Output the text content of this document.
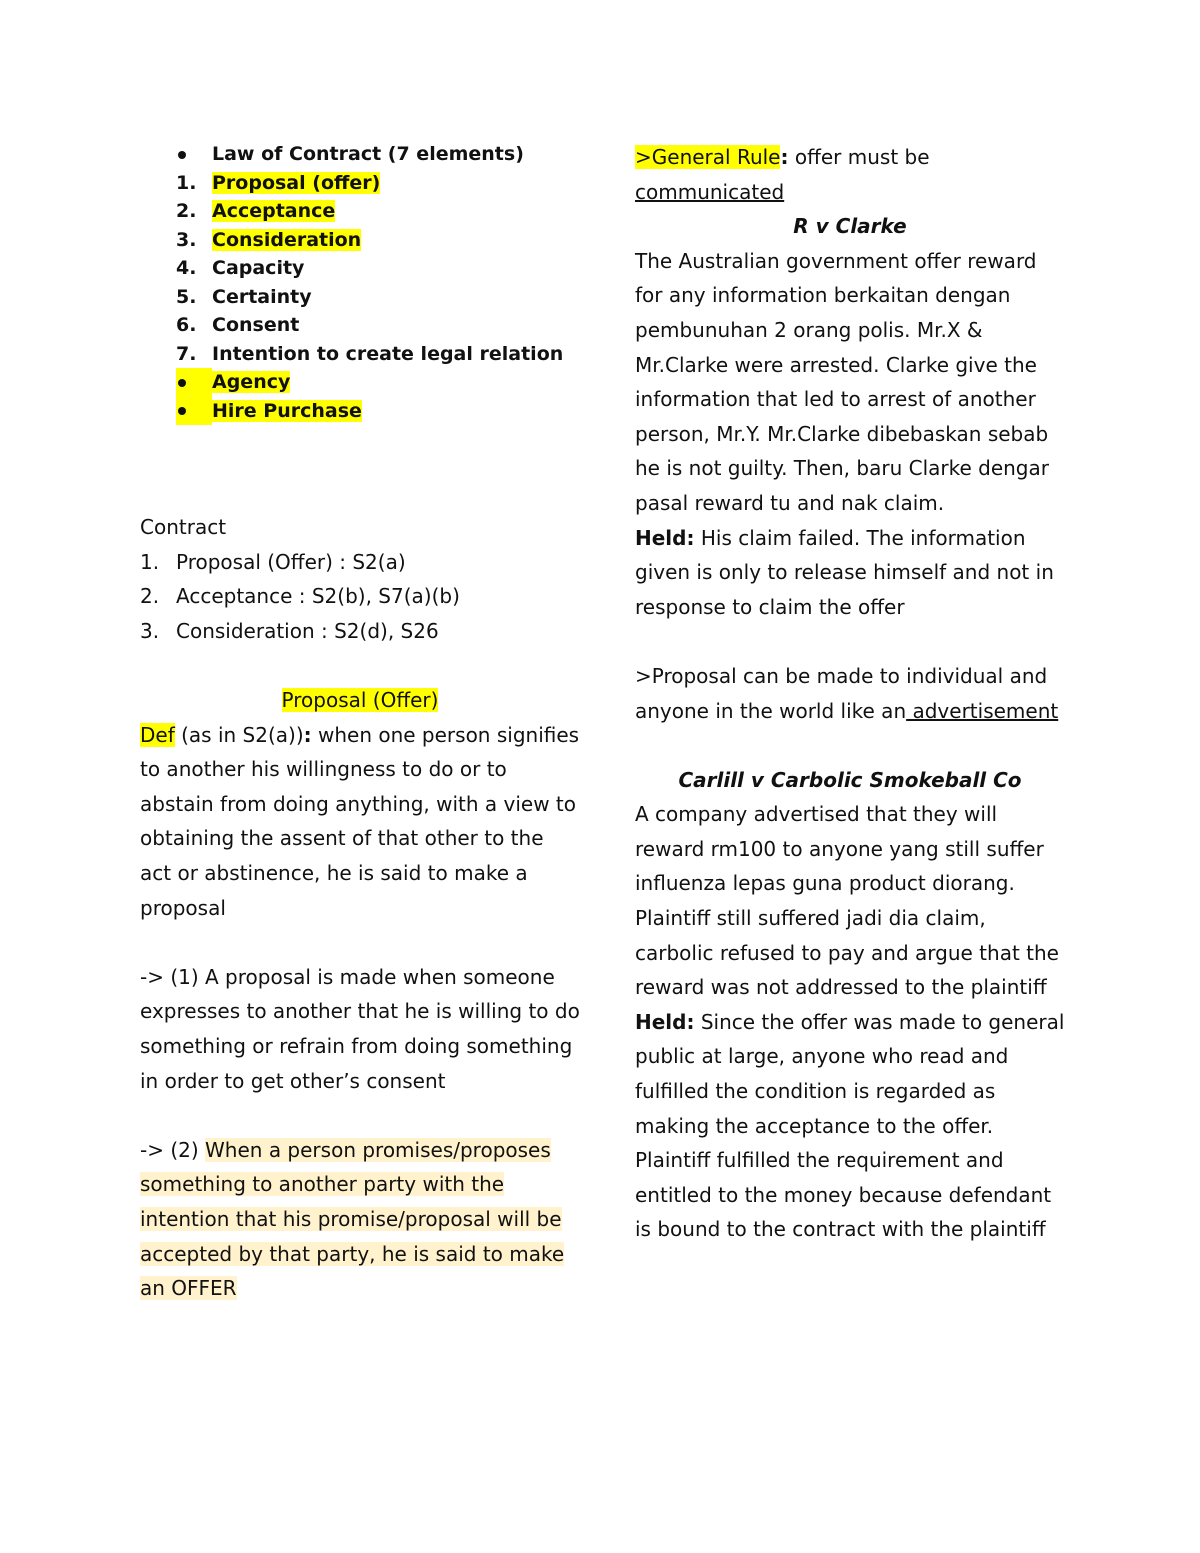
Law of Contract (7 elements)
1. Proposal (offer)
2. Acceptance
3. Consideration
4. Capacity
5. Certainty
6. Consent
7. Intention to create legal relation
Agency
Hire Purchase
Contract
1. Proposal (Offer) : S2(a)
2. Acceptance : S2(b), S7(a)(b)
3. Consideration : S2(d), S26
Proposal (Offer)
Def (as in S2(a)): when one person signifies to another his willingness to do or to abstain from doing anything, with a view to obtaining the assent of that other to the act or abstinence, he is said to make a proposal
-> (1) A proposal is made when someone expresses to another that he is willing to do something or refrain from doing something in order to get other’s consent
-> (2) When a person promises/proposes something to another party with the intention that his promise/proposal will be accepted by that party, he is said to make an OFFER
>General Rule: offer must be communicated
R v Clarke
The Australian government offer reward for any information berkaitan dengan pembunuhan 2 orang polis. Mr.X & Mr.Clarke were arrested. Clarke give the information that led to arrest of another person, Mr.Y. Mr.Clarke dibebaskan sebab he is not guilty. Then, baru Clarke dengar pasal reward tu and nak claim.
Held: His claim failed. The information given is only to release himself and not in response to claim the offer
>Proposal can be made to individual and anyone in the world like an advertisement
Carlill v Carbolic Smokeball Co
A company advertised that they will reward rm100 to anyone yang still suffer influenza lepas guna product diorang. Plaintiff still suffered jadi dia claim, carbolic refused to pay and argue that the reward was not addressed to the plaintiff
Held: Since the offer was made to general public at large, anyone who read and fulfilled the condition is regarded as making the acceptance to the offer. Plaintiff fulfilled the requirement and entitled to the money because defendant is bound to the contract with the plaintiff
